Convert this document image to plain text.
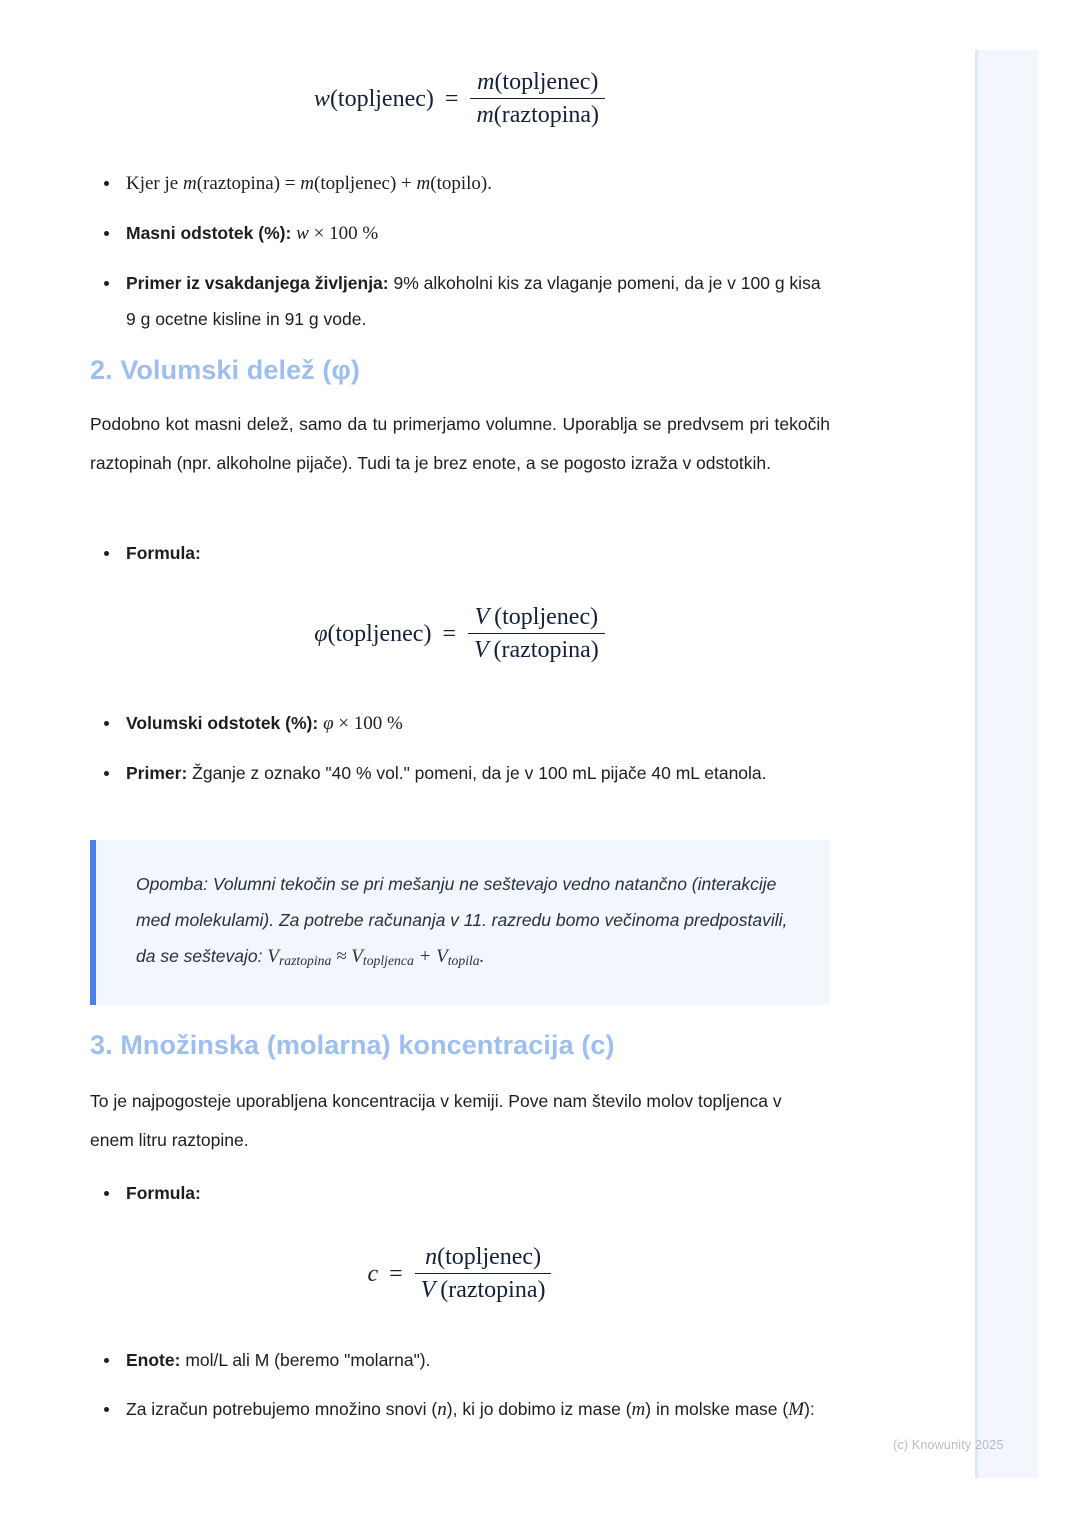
w(topljenec) = $\frac{\text{m(topljenec)}}{\text{m(raztopina)}}$
Kjer je m(raztopina) = m(topljenec) + m(topilo).
Masni odstotek (%): w × 100 %
Primer iz vsakdanjega življenja: 9% alkoholni kis za vlaganje pomeni, da je v 100 g kisa 9 g ocetne kisline in 91 g vode.
2. Volumski delež (φ)

Podobno kot masni delež, samo da tu primerjamo volumne. Uporablja se predvsem pri tekočih raztopinah (npr. alkoholne pijače). Tudi ta je brez enote, a se pogosto izraža v odstotkih.

Formula:
φ(topljenec) = $\frac{\text{V  (topljenec)}}{\text{V  (raztopina)}}$
Volumski odstotek (%): φ × 100 %
Primer: Žganje z oznako "40 % vol." pomeni, da je v 100 mL pijače 40 mL etanola.
Opomba: Volumni tekočin se pri mešanju ne seštevajo vedno natančno (interakcije med molekulami). Za potrebe računanja v 11. razredu bomo večinoma predpostavili, da se seštevajo: Vraztopina ≈ Vtopljenca + Vtopila.
3. Množinska (molarna) koncentracija (c)

To je najpogosteje uporabljena koncentracija v kemiji. Pove nam število molov topljenca v enem litru raztopine.

Formula:
$c = \frac{\text{n(topljenec)}}{\text{V  (raztopina)}}$
Enote: mol/L ali M (beremo "molarna").
Za izračun potrebujemo množino snovi (n), ki jo dobimo iz mase (m) in molske mase (M):
(c) Knowunity 2025
